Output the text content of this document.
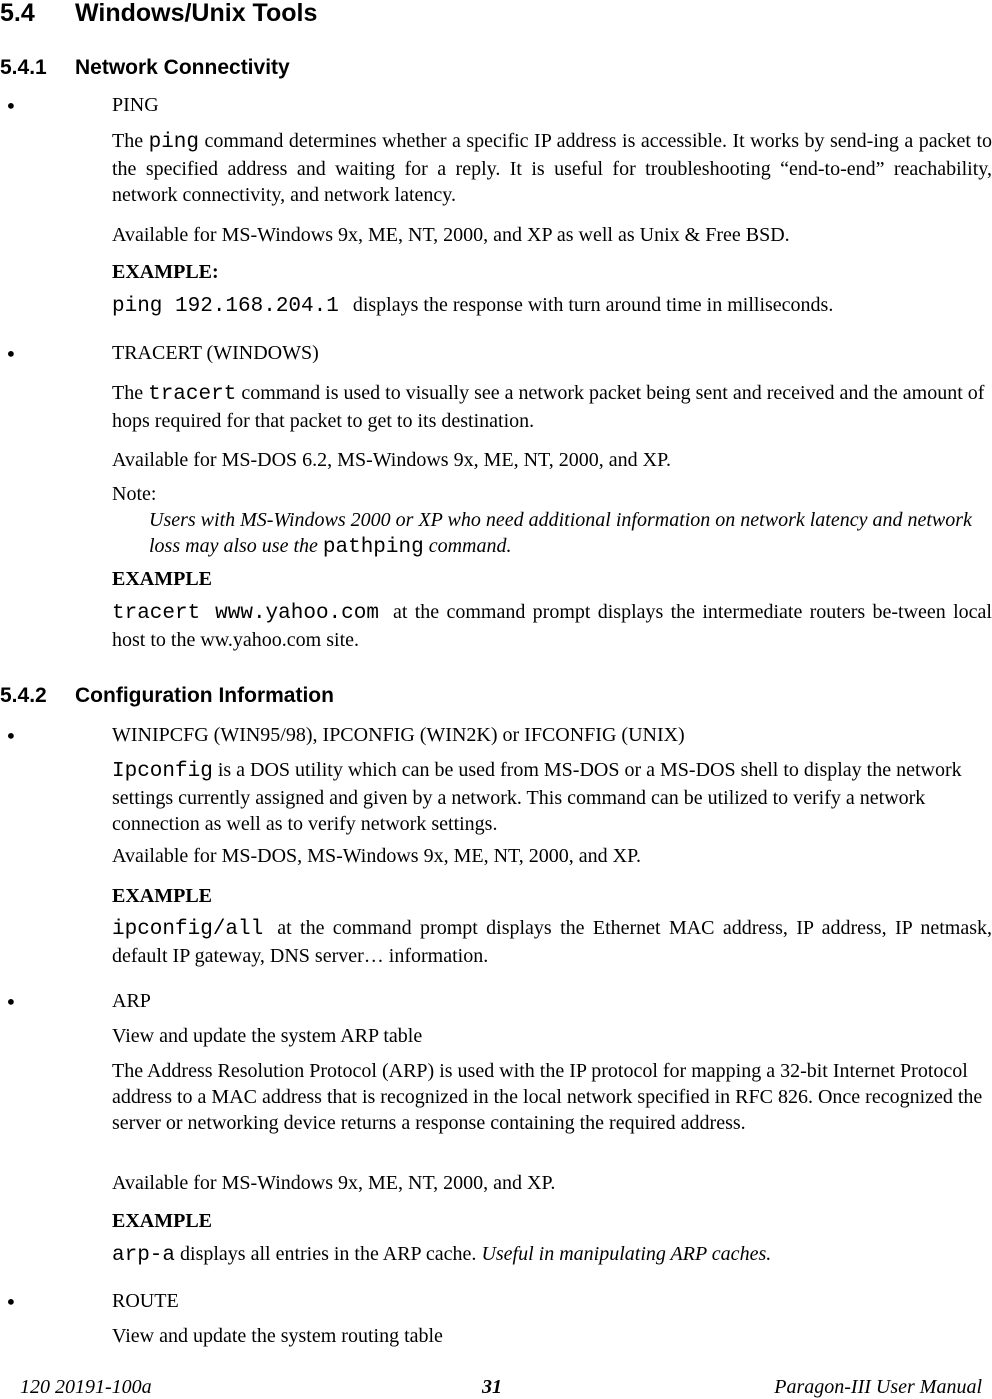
5.4 Windows/Unix Tools
5.4.1 Network Connectivity
•	PING

The ping command determines whether a specific IP address is accessible. It works by send-ing a packet to the specified address and waiting for a reply. It is useful for troubleshooting “end-to-end” reachability, network connectivity, and network latency.

Available for MS-Windows 9x, ME, NT, 2000, and XP as well as Unix & Free BSD.

EXAMPLE:

ping 192.168.204.1 displays the response with turn around time in milliseconds.

•	TRACERT (WINDOWS)

The tracert command is used to visually see a network packet being sent and received and the amount of hops required for that packet to get to its destination.

Available for MS-DOS 6.2, MS-Windows 9x, ME, NT, 2000, and XP.

Note:

Users with MS-Windows 2000 or XP who need additional information on network latency and network loss may also use the pathping command.

EXAMPLE

tracert www.yahoo.com at the command prompt displays the intermediate routers be-tween local host to the ww.yahoo.com site.

5.4.2 Configuration Information
•	WINIPCFG (WIN95/98), IPCONFIG (WIN2K) or IFCONFIG (UNIX)

Ipconfig is a DOS utility which can be used from MS-DOS or a MS-DOS shell to display the network settings currently assigned and given by a network. This command can be utilized to verify a network connection as well as to verify network settings.

Available for MS-DOS, MS-Windows 9x, ME, NT, 2000, and XP.

EXAMPLE

ipconfig/all at the command prompt displays the Ethernet MAC address, IP address, IP netmask, default IP gateway, DNS server… information.

•	ARP

View and update the system ARP table

The Address Resolution Protocol (ARP) is used with the IP protocol for mapping a 32-bit Internet Protocol address to a MAC address that is recognized in the local network specified in RFC 826. Once recognized the server or networking device returns a response containing the required address.

Available for MS-Windows 9x, ME, NT, 2000, and XP.

EXAMPLE

arp-a displays all entries in the ARP cache. Useful in manipulating ARP caches.

•	ROUTE

View and update the system routing table

120 20191-100a	31	Paragon-III User Manual
